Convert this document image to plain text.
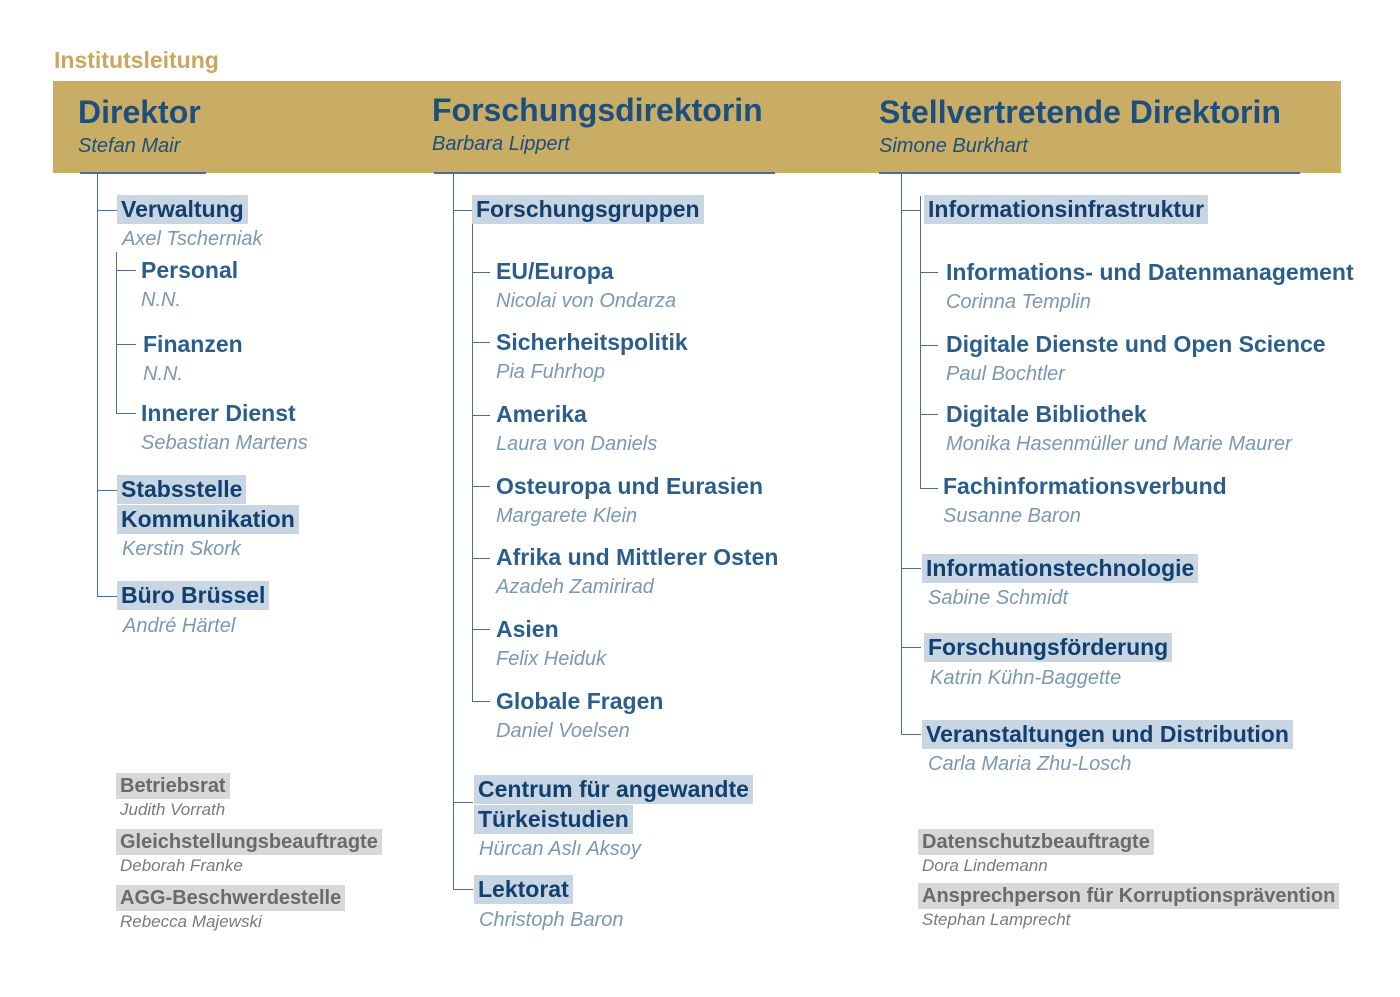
Institutsleitung
Direktor
Stefan Mair
Forschungsdirektorin
Barbara Lippert
Stellvertretende Direktorin
Simone Burkhart
Verwaltung
Axel Tscherniak
Personal
N.N.
Finanzen
N.N.
Innerer Dienst
Sebastian Martens
Stabsstelle
Kommunikation
Kerstin Skork
Büro Brüssel
André Härtel
Betriebsrat
Judith Vorrath
Gleichstellungsbeauftragte
Deborah Franke
AGG-Beschwerdestelle
Rebecca Majewski
Forschungsgruppen
EU/Europa
Nicolai von Ondarza
Sicherheitspolitik
Pia Fuhrhop
Amerika
Laura von Daniels
Osteuropa und Eurasien
Margarete Klein
Afrika und Mittlerer Osten
Azadeh Zamirirad
Asien
Felix Heiduk
Globale Fragen
Daniel Voelsen
Centrum für angewandte
Türkeistudien
Hürcan Aslı Aksoy
Lektorat
Christoph Baron
Informationsinfrastruktur
Informations- und Datenmanagement
Corinna Templin
Digitale Dienste und Open Science
Paul Bochtler
Digitale Bibliothek
Monika Hasenmüller und Marie Maurer
Fachinformationsverbund
Susanne Baron
Informationstechnologie
Sabine Schmidt
Forschungsförderung
Katrin Kühn-Baggette
Veranstaltungen und Distribution
Carla Maria Zhu-Losch
Datenschutzbeauftragte
Dora Lindemann
Ansprechperson für Korruptionsprävention
Stephan Lamprecht
